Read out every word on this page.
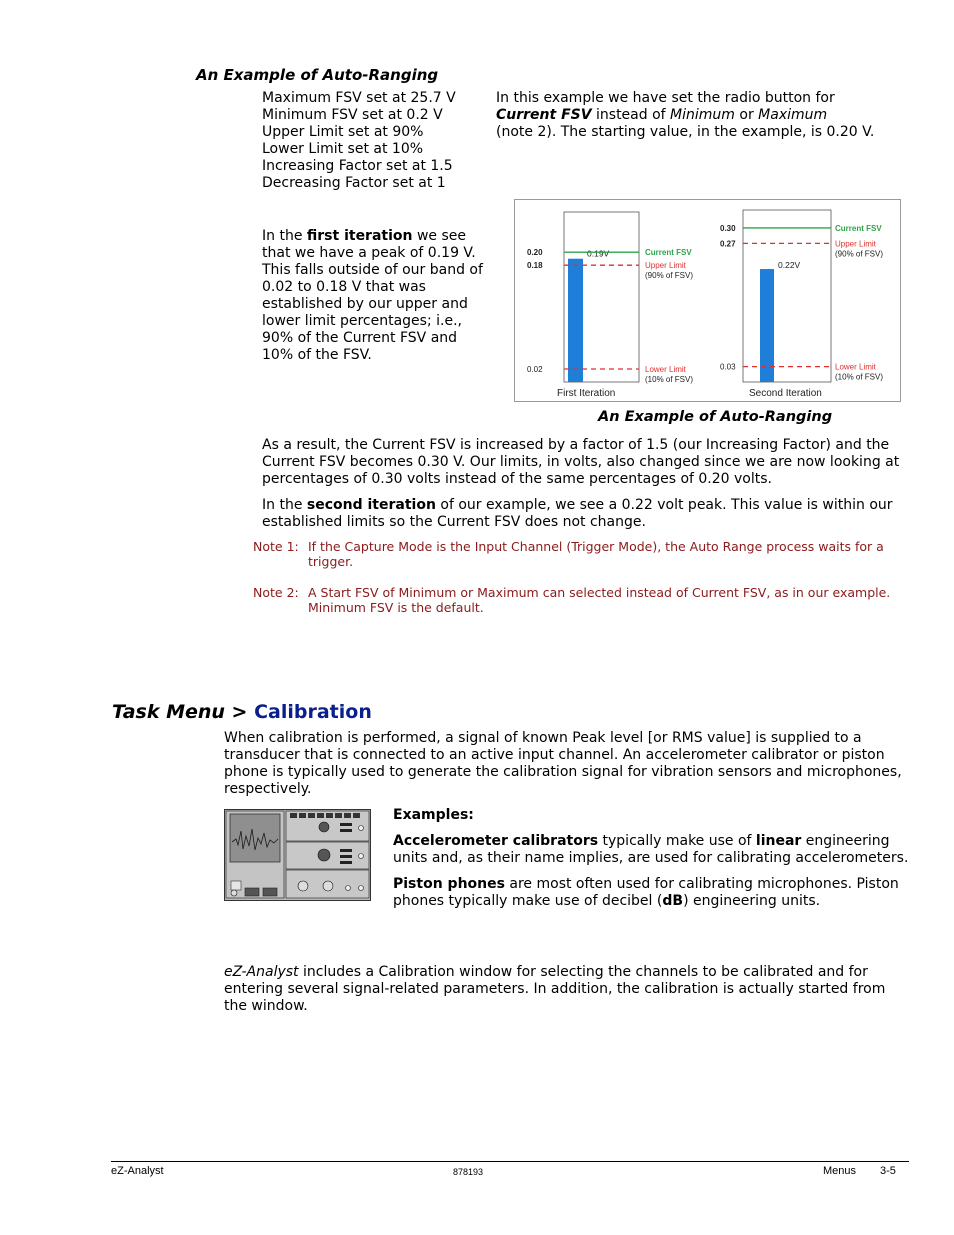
An Example of Auto-Ranging
Maximum FSV set at 25.7 V
Minimum FSV set at 0.2 V
Upper Limit set at 90%
Lower Limit set at 10%
Increasing Factor set at 1.5
Decreasing Factor set at 1
In this example we have set the radio button for
Current FSV instead of Minimum or Maximum
(note 2). The starting value, in the example, is 0.20 V.
In the first iteration we see that we have a peak of 0.19 V. This falls outside of our band of 0.02 to 0.18 V that was established by our upper and lower limit percentages; i.e., 90% of the Current FSV and 10% of the FSV.
0.19V
0.20
0.18
0.02
Current FSV
Upper Limit
(90% of FSV)
Lower Limit
(10% of FSV)
First Iteration
0.22V
0.30
0.27
0.03
Current FSV
Upper Limit
(90% of FSV)
Lower Limit
(10% of FSV)
Second Iteration
An Example of Auto-Ranging

As a result, the Current FSV is increased by a factor of 1.5 (our Increasing Factor) and the Current FSV becomes 0.30 V. Our limits, in volts, also changed since we are now looking at percentages of 0.30 volts instead of the same percentages of 0.20 volts.

In the second iteration of our example, we see a 0.22 volt peak. This value is within our established limits so the Current FSV does not change.

Note 1: If the Capture Mode is the Input Channel (Trigger Mode), the Auto Range process waits for a
trigger.
Note 2: A Start FSV of Minimum or Maximum can selected instead of Current FSV, as in our example.
Minimum FSV is the default.
Task Menu > Calibration
When calibration is performed, a signal of known Peak level [or RMS value] is supplied to a transducer that is connected to an active input channel. An accelerometer calibrator or piston phone is typically used to generate the calibration signal for vibration sensors and microphones, respectively.

Examples:

Accelerometer calibrators typically make use of linear engineering units and, as their name implies, are used for calibrating accelerometers.

Piston phones are most often used for calibrating microphones. Piston phones typically make use of decibel (dB) engineering units.

eZ-Analyst includes a Calibration window for selecting the channels to be calibrated and for entering several signal-related parameters. In addition, the calibration is actually started from the window.
eZ-Analyst	878193	Menus 3-5
